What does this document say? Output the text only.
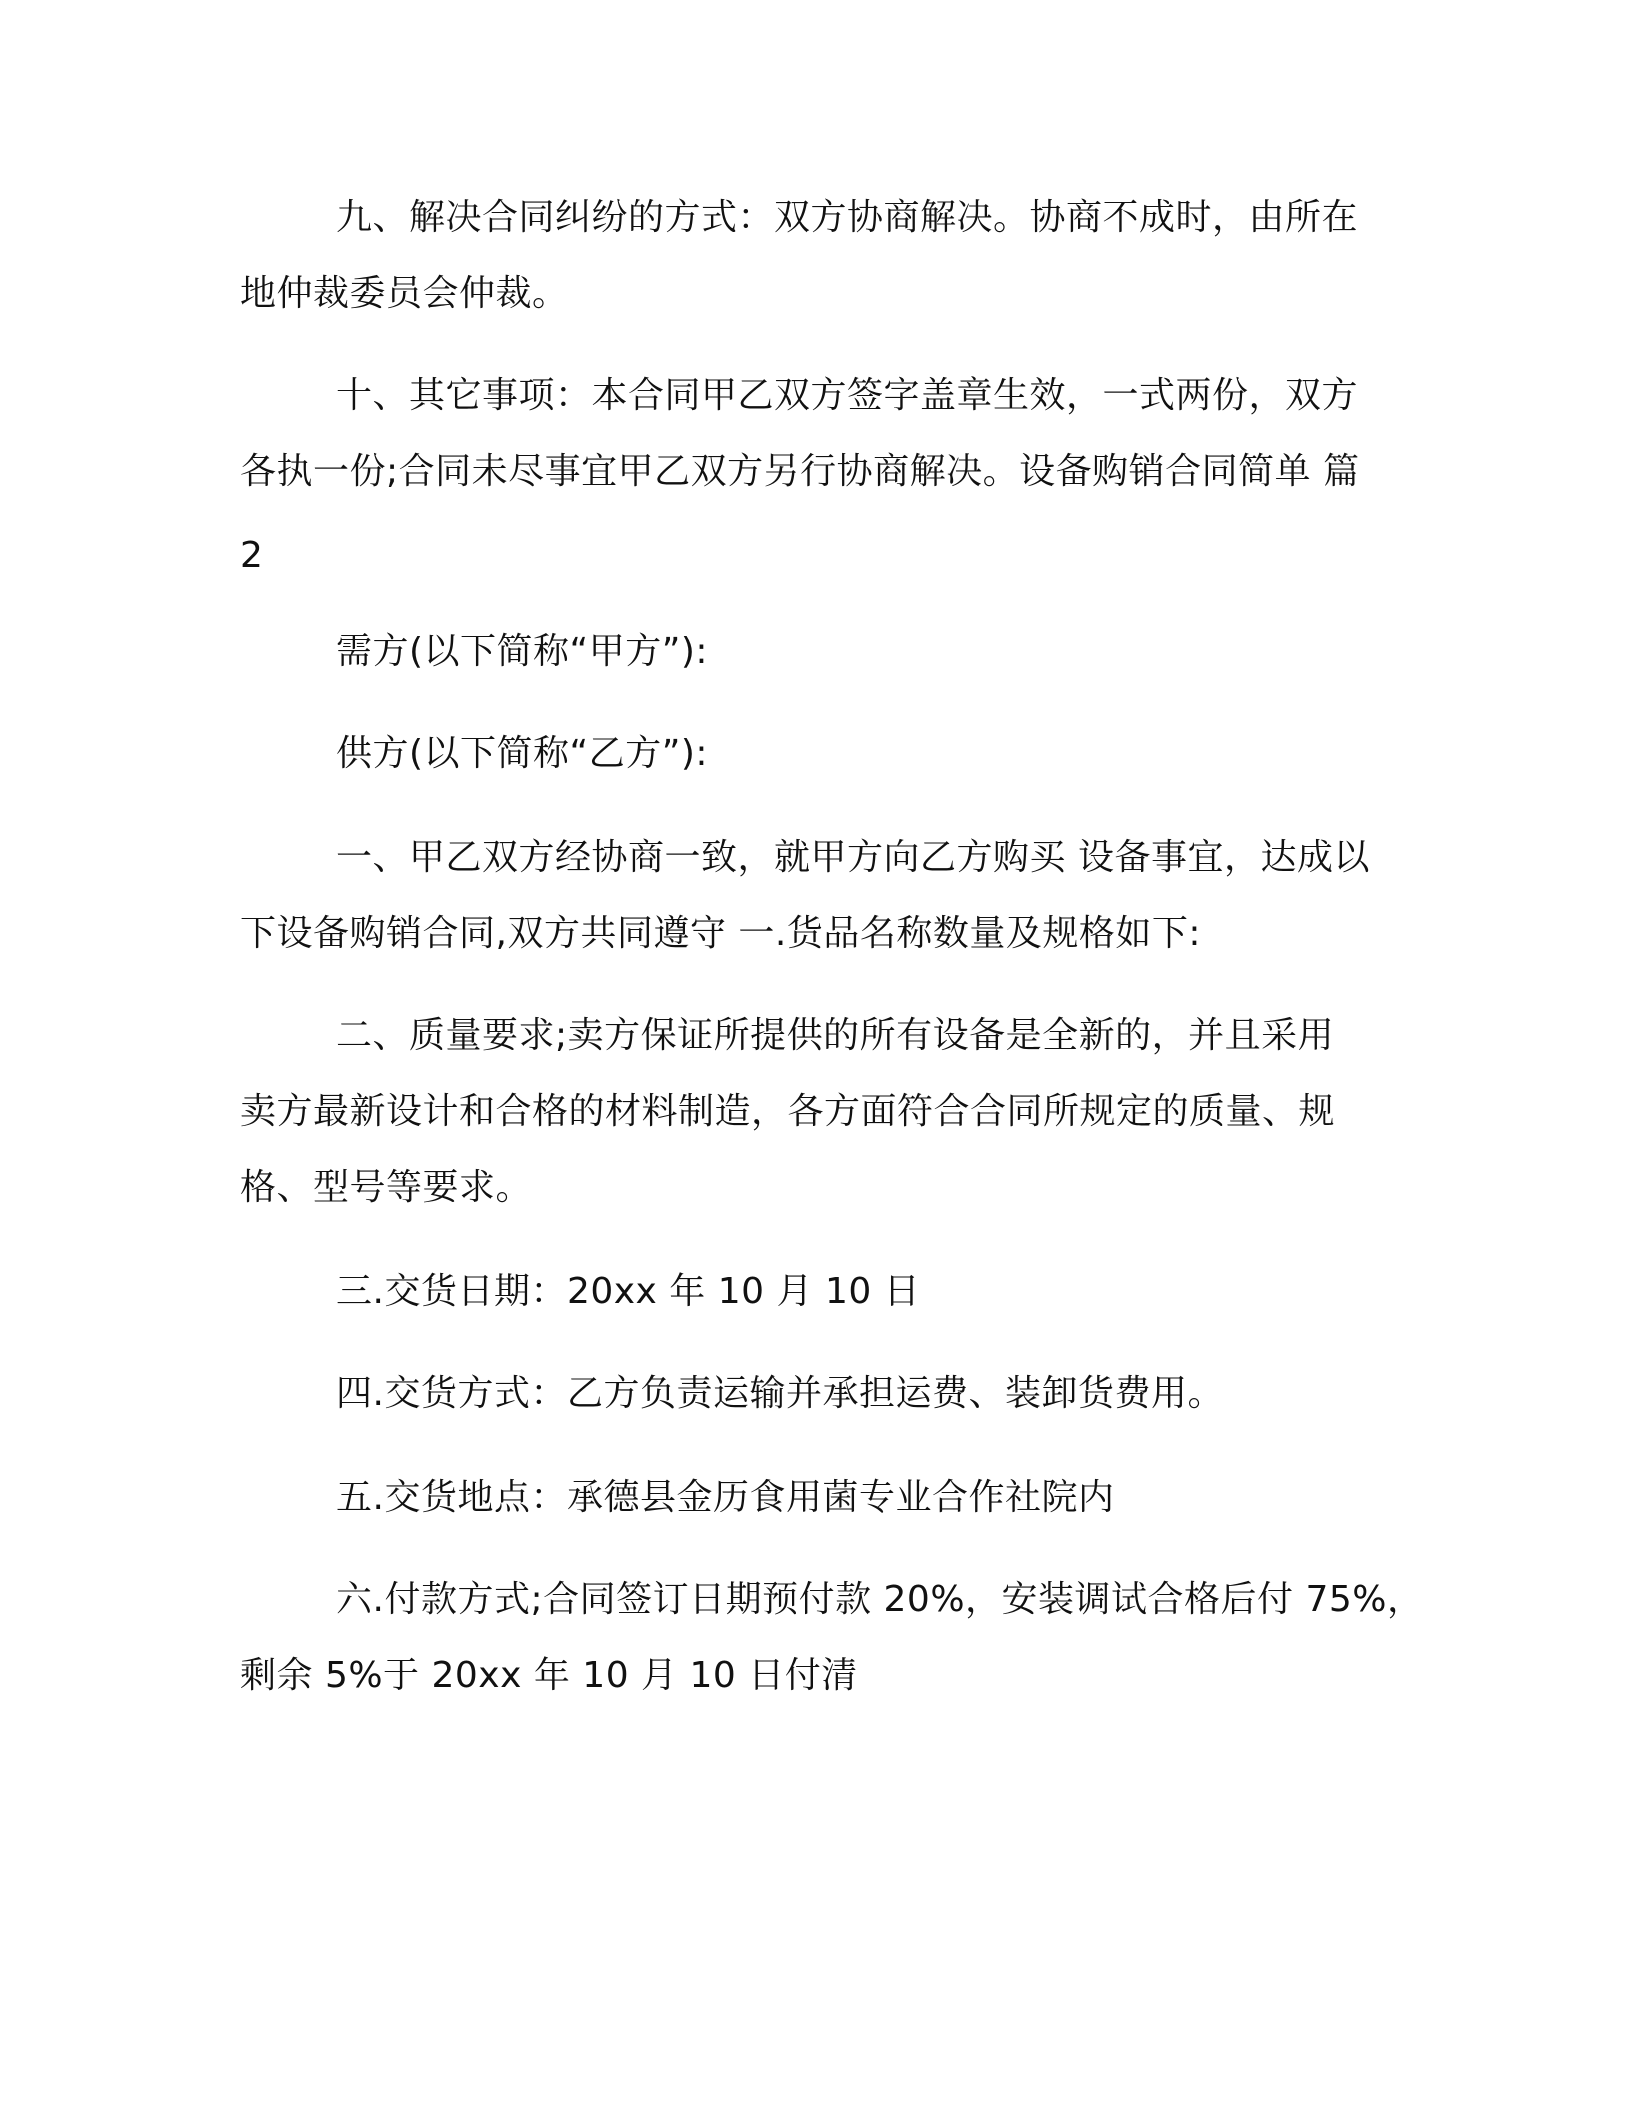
九、解决合同纠纷的方式：双方协商解决。协商不成时，由所在
地仲裁委员会仲裁。
十、其它事项：本合同甲乙双方签字盖章生效，一式两份，双方
各执一份;合同未尽事宜甲乙双方另行协商解决。设备购销合同简单 篇
2
需方(以下简称“甲方”):
供方(以下简称“乙方”):
一、甲乙双方经协商一致，就甲方向乙方购买 设备事宜，达成以
下设备购销合同,双方共同遵守 一.货品名称数量及规格如下:
二、质量要求;卖方保证所提供的所有设备是全新的，并且采用
卖方最新设计和合格的材料制造，各方面符合合同所规定的质量、规
格、型号等要求。
三.交货日期：20xx 年 10 月 10 日
四.交货方式：乙方负责运输并承担运费、装卸货费用。
五.交货地点：承德县金历食用菌专业合作社院内
六.付款方式;合同签订日期预付款 20%，安装调试合格后付 75%，
剩余 5%于 20xx 年 10 月 10 日付清
